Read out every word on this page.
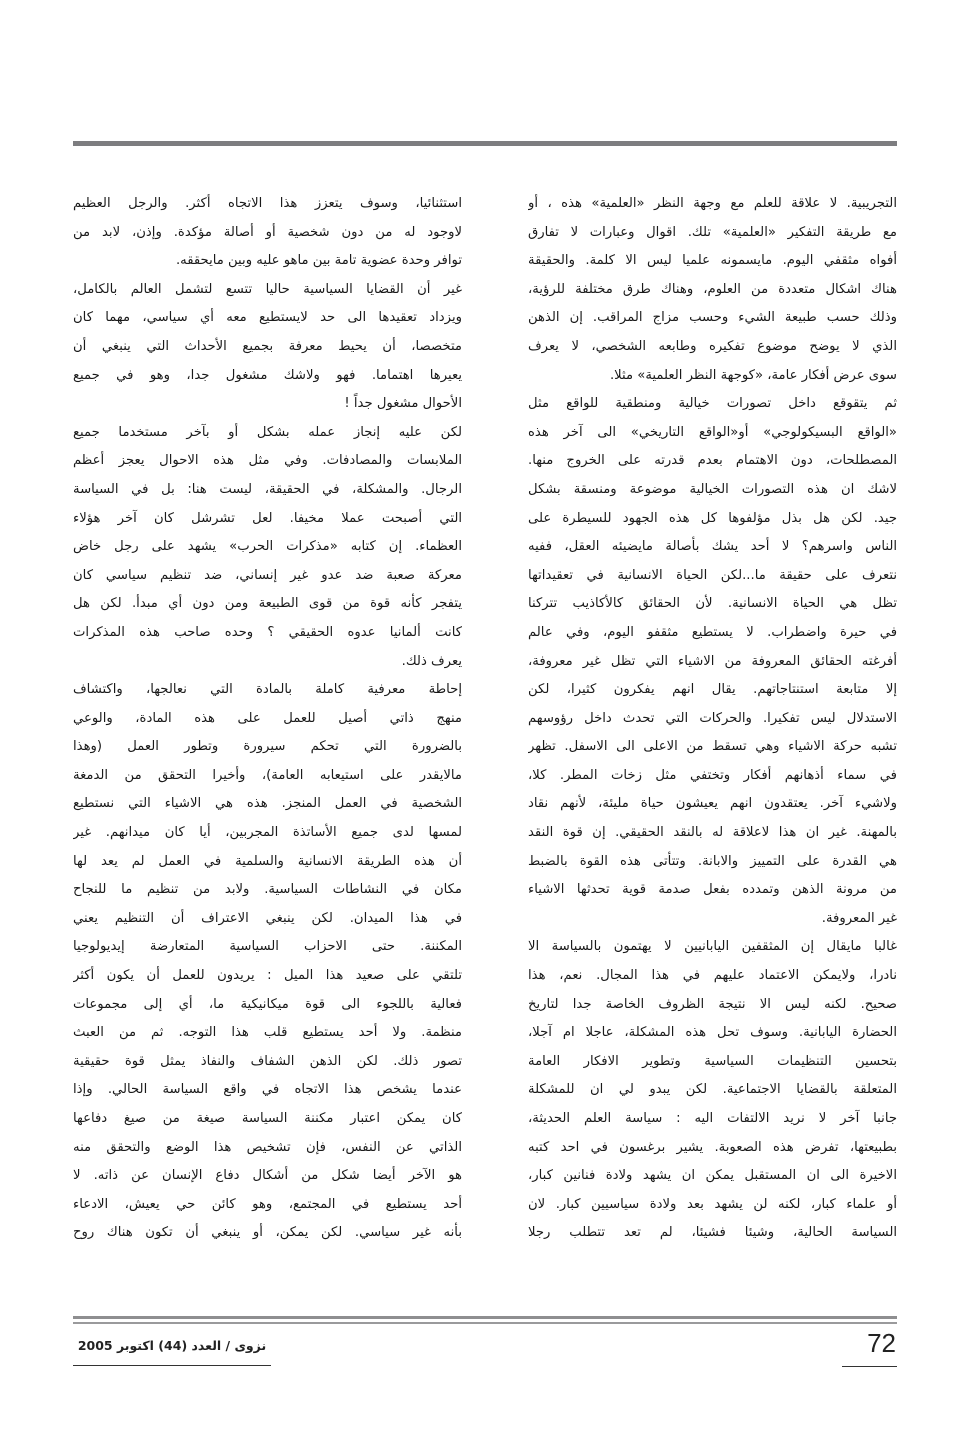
التجريبية. لا علاقة للعلم مع وجهة النظر «العلمية» هذه ، أو
مع طريقة التفكير «العلمية» تلك. اقوال وعبارات لا تفارق
أفواه مثقفي اليوم. مايسمونه علميا ليس الا كلمة. والحقيقة
هناك اشكال متعددة من العلوم، وهناك طرق مختلفة للرؤية،
وذلك حسب طبيعة الشيء وحسب مزاج المراقب. إن الذهن
الذي لا يوضح موضوع تفكيره وطابعه الشخصي، لا يعرف
سوى عرض أفكار عامة، «كوجهة النظر العلمية» مثلا.
ثم يتقوقع داخل تصورات خيالية ومنطقية للواقع مثل
«الواقع البسيكولوجي» أو«الواقع التاريخي» الى آخر هذه
المصطلحات، دون الاهتمام بعدم قدرته على الخروج منها.
لاشك ان هذه التصورات الخيالية موضوعة ومنسقة بشكل
جيد. لكن هل بذل مؤلفوها كل هذه الجهود للسيطرة على
الناس واسرهم؟ لا أحد يشك بأصالة مايضيئه العقل، ففيه
نتعرف على حقيقة ما...لكن الحياة الانسانية في تعقيداتها
تظل هي الحياة الانسانية. لأن الحقائق كالأكاذيب تتركنا
في حيرة واضطراب. لا يستطيع مثقفو اليوم، وفي عالم
أفرغته الحقائق المعروفة من الاشياء التي تظل غير معروفة،
إلا متابعة استنتاجاتهم. يقال انهم يفكرون كثيرا، لكن
الاستدلال ليس تفكيرا. والحركات التي تحدث داخل رؤوسهم
تشبه حركة الاشياء وهي تسقط من الاعلى الى الاسفل. تظهر
في سماء أذهانهم أفكار وتختفي مثل زخات المطر. كلا،
ولاشيء آخر. يعتقدون انهم يعيشون حياة مليئة، لأنهم نقاد
بالمهنة. غير ان هذا لاعلاقة له بالنقد الحقيقي. إن قوة النقد
هي القدرة على التمييز والابانة. وتتأتى هذه القوة بالضبط
من مرونة الذهن وتمدده بفعل صدمة قوية تحدثها الاشياء
غير المعروفة.
غالبا مايقال إن المثقفين اليابانيين لا يهتمون بالسياسة الا
نادرا، ولايمكن الاعتماد عليهم في هذا المجال. نعم، هذا
صحيح. لكنه ليس الا نتيجة الظروف الخاصة جدا لتاريخ
الحضارة اليابانية. وسوف تحل هذه المشكلة، عاجلا ام آجلا،
بتحسين التنظيمات السياسية وتطوير الافكار العامة
المتعلقة بالقضايا الاجتماعية. لكن يبدو لي ان للمشكلة
جانبا آخر لا نريد الالتفات اليه : سياسة العلم الحديثة،
بطبيعتها، تفرض هذه الصعوبة. يشير برغسون في احد كتبه
الاخيرة الى ان المستقبل يمكن ان يشهد ولادة فنانين كبار،
أو علماء كبار، لكنه لن يشهد بعد ولادة سياسيين كبار. لان
السياسة الحالية، وشيئا فشيئا، لم تعد تتطلب رجلا
استثنائيا، وسوف يتعزز هذا الاتجاه أكثر. والرجل العظيم
لاوجود له من دون شخصية أو أصالة مؤكدة. وإذن، لابد من
توافر وحدة عضوية تامة بين ماهو عليه وبين مايحققه.
غير أن القضايا السياسية حاليا تتسع لتشمل العالم بالكامل،
ويزداد تعقيدها الى حد لايستطيع معه أي سياسي، مهما كان
متخصصا، أن يحيط معرفة بجميع الأحداث التي ينبغي أن
يعيرها اهتماما. فهو ولاشك مشغول جدا، وهو في جميع
الأحوال مشغول جداً !
لكن عليه إنجاز عمله بشكل أو بآخر مستخدما جميع
الملابسات والمصادفات. وفي مثل هذه الاحوال يعجز أعظم
الرجال. والمشكلة، في الحقيقة، ليست هنا: بل في السياسة
التي أصبحت عملا مخيفا. لعل تشرشل كان آخر هؤلاء
العظماء. إن كتابه «مذكرات الحرب» يشهد على رجل خاض
معركة صعبة ضد عدو غير إنساني، ضد تنظيم سياسي كان
يتفجر كأنه قوة من قوى الطبيعة ومن دون أي مبدأ. لكن هل
كانت ألمانيا عدوه الحقيقي ؟ وحده صاحب هذه المذكرات
يعرف ذلك.
إحاطة معرفية كاملة بالمادة التي نعالجها، واكتشاف
منهج ذاتي أصيل للعمل على هذه المادة، والوعي
بالضرورة التي تحكم سيرورة وتطور العمل (وهذا
مالايقدر على استيعابه العامة)، وأخيرا التحقق من الدمغة
الشخصية في العمل المنجز. هذه هي الاشياء التي نستطيع
لمسها لدى جميع الأساتذة المجربين، أيا كان ميدانهم. غير
أن هذه الطريقة الانسانية والسلمية في العمل لم يعد لها
مكان في النشاطات السياسية. ولابد من تنظيم ما للنجاح
في هذا الميدان. لكن ينبغي الاعتراف أن التنظيم يعني
المكننة. حتى الاحزاب السياسية المتعارضة إيديولوجيا
تلتقي على صعيد هذا الميل : يريدون للعمل أن يكون أكثر
فعالية باللجوء الى قوة ميكانيكية ما، أي إلى مجموعات
منظمة. ولا أحد يستطيع قلب هذا التوجه. ثم من العبث
تصور ذلك. لكن الذهن الشفاف والنفاذ يمثل قوة حقيقية
عندما يشخص هذا الاتجاه في واقع السياسة الحالي. وإذا
كان يمكن اعتبار مكننة السياسة صيغة من صيغ دفاعها
الذاتي عن النفس، فإن تشخيص هذا الوضع والتحقق منه
هو الآخر أيضا شكل من أشكال دفاع الإنسان عن ذاته. لا
أحد يستطيع في المجتمع، وهو كائن حي يعيش، الادعاء
بأنه غير سياسي. لكن يمكن، أو ينبغي أن تكون هناك روح
نزوى / العدد (44) اكتوبر 2005	72
